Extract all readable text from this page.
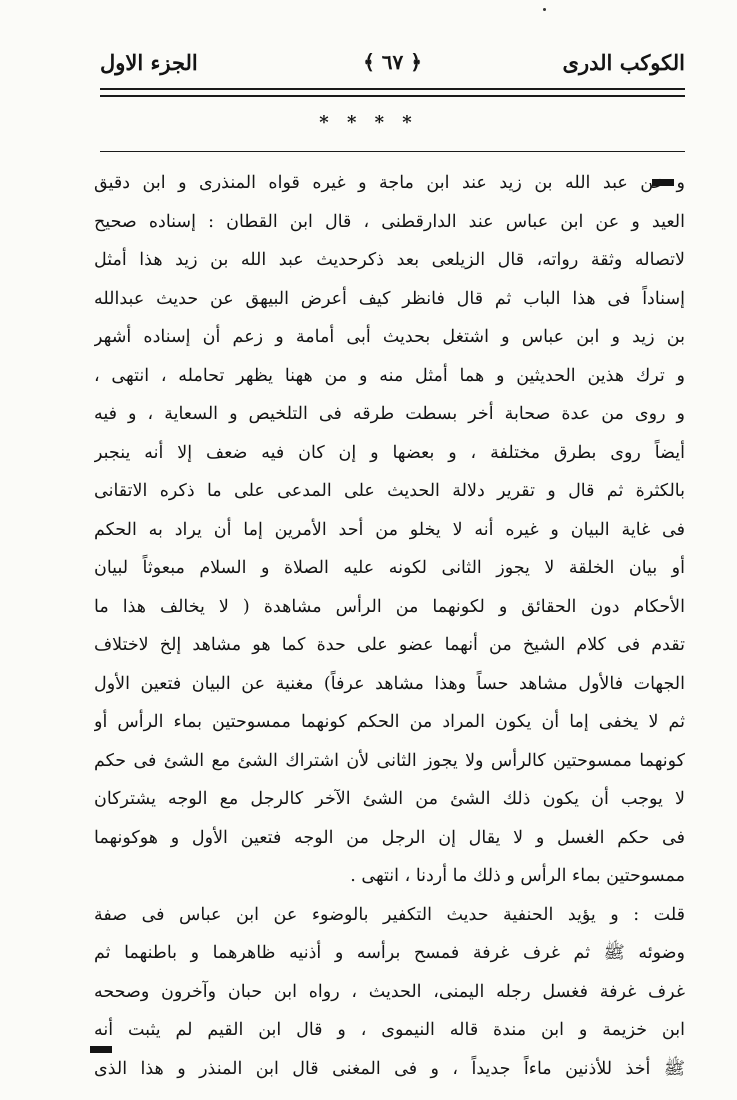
الكوكب الدرى
﴿ ٦٧ ﴾
الجزء الاول
* * * *
و عن عبد الله بن زيد عند ابن ماجة و غيره قواه المنذرى و ابن دقيق
العيد و عن ابن عباس عند الدارقطنى ، قال ابن القطان : إسناده صحيح
لاتصاله وثقة رواته، قال الزيلعى بعد ذكرحديث عبد الله بن زيد هذا أمثل
إسناداً فى هذا الباب ثم قال فانظر كيف أعرض البيهق عن حديث عبدالله
بن زيد و ابن عباس و اشتغل بحديث أبى أمامة و زعم أن إسناده أشهر
و ترك هذين الحديثين و هما أمثل منه و من ههنا يظهر تحامله ، انتهى ،
و روى من عدة صحابة أخر بسطت طرقه فى التلخيص و السعاية ، و فيه
أيضاً روى بطرق مختلفة ، و بعضها و إن كان فيه ضعف إلا أنه ينجبر
بالكثرة ثم قال و تقرير دلالة الحديث على المدعى على ما ذكره الاتقانى
فى غاية البيان و غيره أنه لا يخلو من أحد الأمرين إما أن يراد به الحكم
أو بيان الخلقة لا يجوز الثانى لكونه عليه الصلاة و السلام مبعوثاً لبيان
الأحكام دون الحقائق و لكونهما من الرأس مشاهدة ( لا يخالف هذا ما
تقدم فى كلام الشيخ من أنهما عضو على حدة كما هو مشاهد إلخ لاختلاف
الجهات فالأول مشاهد حساً وهذا مشاهد عرفاً) مغنية عن البيان فتعين الأول
ثم لا يخفى إما أن يكون المراد من الحكم كونهما ممسوحتين بماء الرأس أو
كونهما ممسوحتين كالرأس ولا يجوز الثانى لأن اشتراك الشئ مع الشئ فى حكم
لا يوجب أن يكون ذلك الشئ من الشئ الآخر كالرجل مع الوجه يشتركان
فى حكم الغسل و لا يقال إن الرجل من الوجه فتعين الأول و هوكونهما
ممسوحتين بماء الرأس و ذلك ما أردنا ، انتهى .
قلت : و يؤيد الحنفية حديث التكفير بالوضوء عن ابن عباس فى صفة
وضوئه ﷺ ثم غرف غرفة فمسح برأسه و أذنيه ظاهرهما و باطنهما ثم
غرف غرفة فغسل رجله اليمنى، الحديث ، رواه ابن حبان وآخرون وصححه
ابن خزيمة و ابن مندة قاله النيموى ، و قال ابن القيم لم يثبت أنه
ﷺ أخذ للأذنين ماءاً جديداً ، و فى المغنى قال ابن المنذر و هذا الذى
